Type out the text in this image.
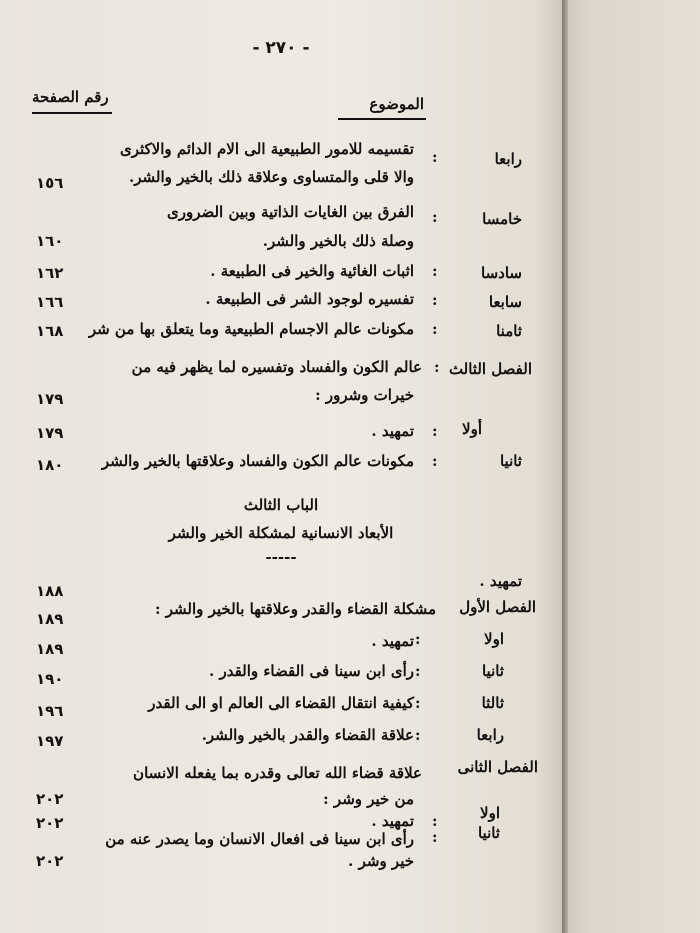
- ٢٧٠ -
الموضوع
رقم الصفحة
رابعا
:
تقسيمه للامور الطبيعية الى الام الدائم والاكثرى
والا قلى والمتساوى وعلاقة ذلك بالخير والشر.
١٥٦
خامسا
:
الفرق بين الغايات الذاتية وبين الضرورى
وصلة ذلك بالخير والشر.
١٦٠
سادسا
:
اثبات الغائية والخير فى الطبيعة .
١٦٢
سابعا
:
تفسيره لوجود الشر فى الطبيعة .
١٦٦
ثامنا
:
مكونات عالم الاجسام الطبيعية وما يتعلق بها من شر
١٦٨
الفصل الثالث
:
عالم الكون والفساد وتفسيره لما يظهر فيه من
خيرات وشرور :
١٧٩
أولا
:
تمهيد .
١٧٩
ثانيا
:
مكونات عالم الكون والفساد وعلاقتها بالخير والشر
١٨٠
الباب الثالث
الأبعاد الانسانية لمشكلة الخير والشر
-----
تمهيد .
١٨٨
الفصل الأول
مشكلة القضاء والقدر وعلاقتها بالخير والشر :
١٨٩
اولا
:
تمهيد .
١٨٩
ثانيا
:
رأى ابن سينا فى القضاء والقدر .
١٩٠
ثالثا
:
كيفية انتقال القضاء الى العالم او الى القدر
١٩٦
رابعا
:
علاقة القضاء والقدر بالخير والشر.
١٩٧
الفصل الثانى
علاقة قضاء الله تعالى وقدره بما يفعله الانسان
من خير وشر :
٢٠٢
اولا
:
تمهيد .
٢٠٢
ثانيا
:
رأى ابن سينا فى افعال الانسان وما يصدر عنه من
خير وشر .
٢٠٢
